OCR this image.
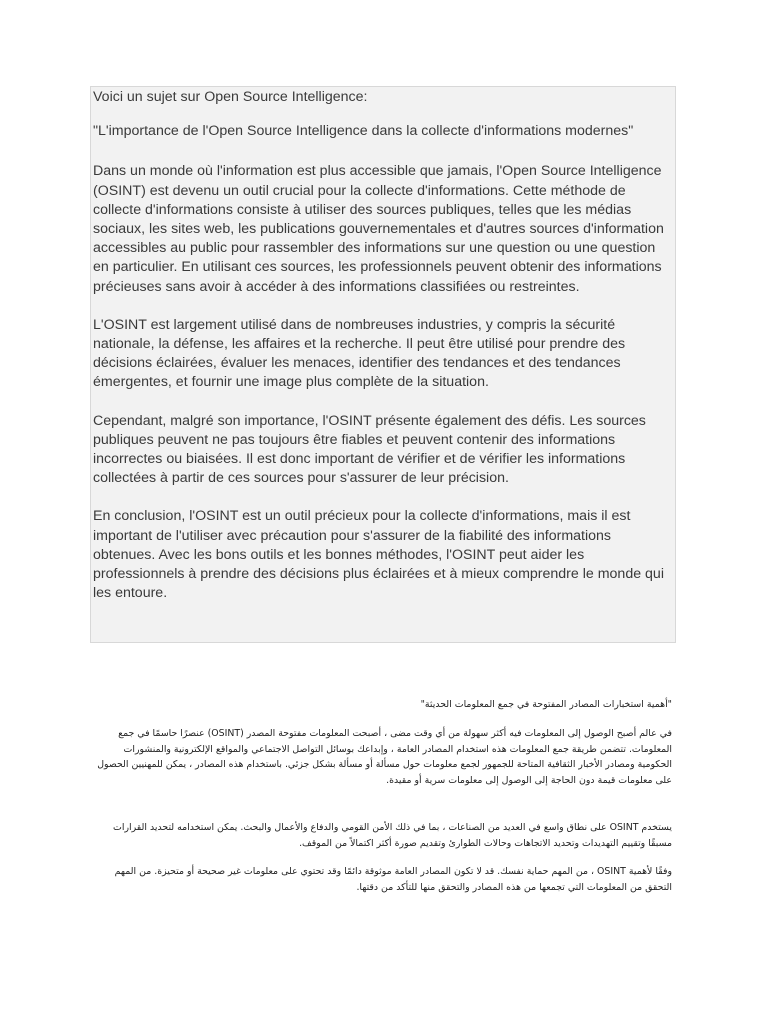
Voici un sujet sur Open Source Intelligence:

"L'importance de l'Open Source Intelligence dans la collecte d'informations modernes"

Dans un monde où l'information est plus accessible que jamais, l'Open Source Intelligence (OSINT) est devenu un outil crucial pour la collecte d'informations. Cette méthode de collecte d'informations consiste à utiliser des sources publiques, telles que les médias sociaux, les sites web, les publications gouvernementales et d'autres sources d'information accessibles au public pour rassembler des informations sur une question ou une question en particulier. En utilisant ces sources, les professionnels peuvent obtenir des informations précieuses sans avoir à accéder à des informations classifiées ou restreintes.

L'OSINT est largement utilisé dans de nombreuses industries, y compris la sécurité nationale, la défense, les affaires et la recherche. Il peut être utilisé pour prendre des décisions éclairées, évaluer les menaces, identifier des tendances et des tendances émergentes, et fournir une image plus complète de la situation.

Cependant, malgré son importance, l'OSINT présente également des défis. Les sources publiques peuvent ne pas toujours être fiables et peuvent contenir des informations incorrectes ou biaisées. Il est donc important de vérifier et de vérifier les informations collectées à partir de ces sources pour s'assurer de leur précision.

En conclusion, l'OSINT est un outil précieux pour la collecte d'informations, mais il est important de l'utiliser avec précaution pour s'assurer de la fiabilité des informations obtenues. Avec les bons outils et les bonnes méthodes, l'OSINT peut aider les professionnels à prendre des décisions plus éclairées et à mieux comprendre le monde qui les entoure.

"أهمية استخبارات المصادر المفتوحة في جمع المعلومات الحديثة"
في عالم أصبح الوصول إلى المعلومات فيه أكثر سهولة من أي وقت مضى ، أصبحت المعلومات مفتوحة المصدر (OSINT) عنصرًا حاسمًا في جمع المعلومات. تتضمن طريقة جمع المعلومات هذه استخدام المصادر العامة ، وإبداعك بوسائل التواصل الاجتماعي والمواقع الإلكترونية والمنشورات الحكومية ومصادر الأخبار الثقافية المتاحة للجمهور لجمع معلومات حول مسألة أو مسألة بشكل جزئي. باستخدام هذه المصادر ، يمكن للمهنيين الحصول على معلومات قيمة دون الحاجة إلى الوصول إلى معلومات سرية أو مقيدة.
يستخدم OSINT على نطاق واسع في العديد من الصناعات ، بما في ذلك الأمن القومي والدفاع والأعمال والبحث. يمكن استخدامه لتحديد القرارات مسبقًا وتقييم التهديدات وتحديد الاتجاهات وحالات الطوارئ وتقديم صورة أكثر اكتمالاً من الموقف.
وفقًا لأهمية OSINT ، من المهم حماية نفسك. قد لا تكون المصادر العامة موثوقة دائمًا وقد تحتوي على معلومات غير صحيحة أو متحيزة. من المهم التحقق من المعلومات التي تجمعها من هذه المصادر والتحقق منها للتأكد من دقتها.
